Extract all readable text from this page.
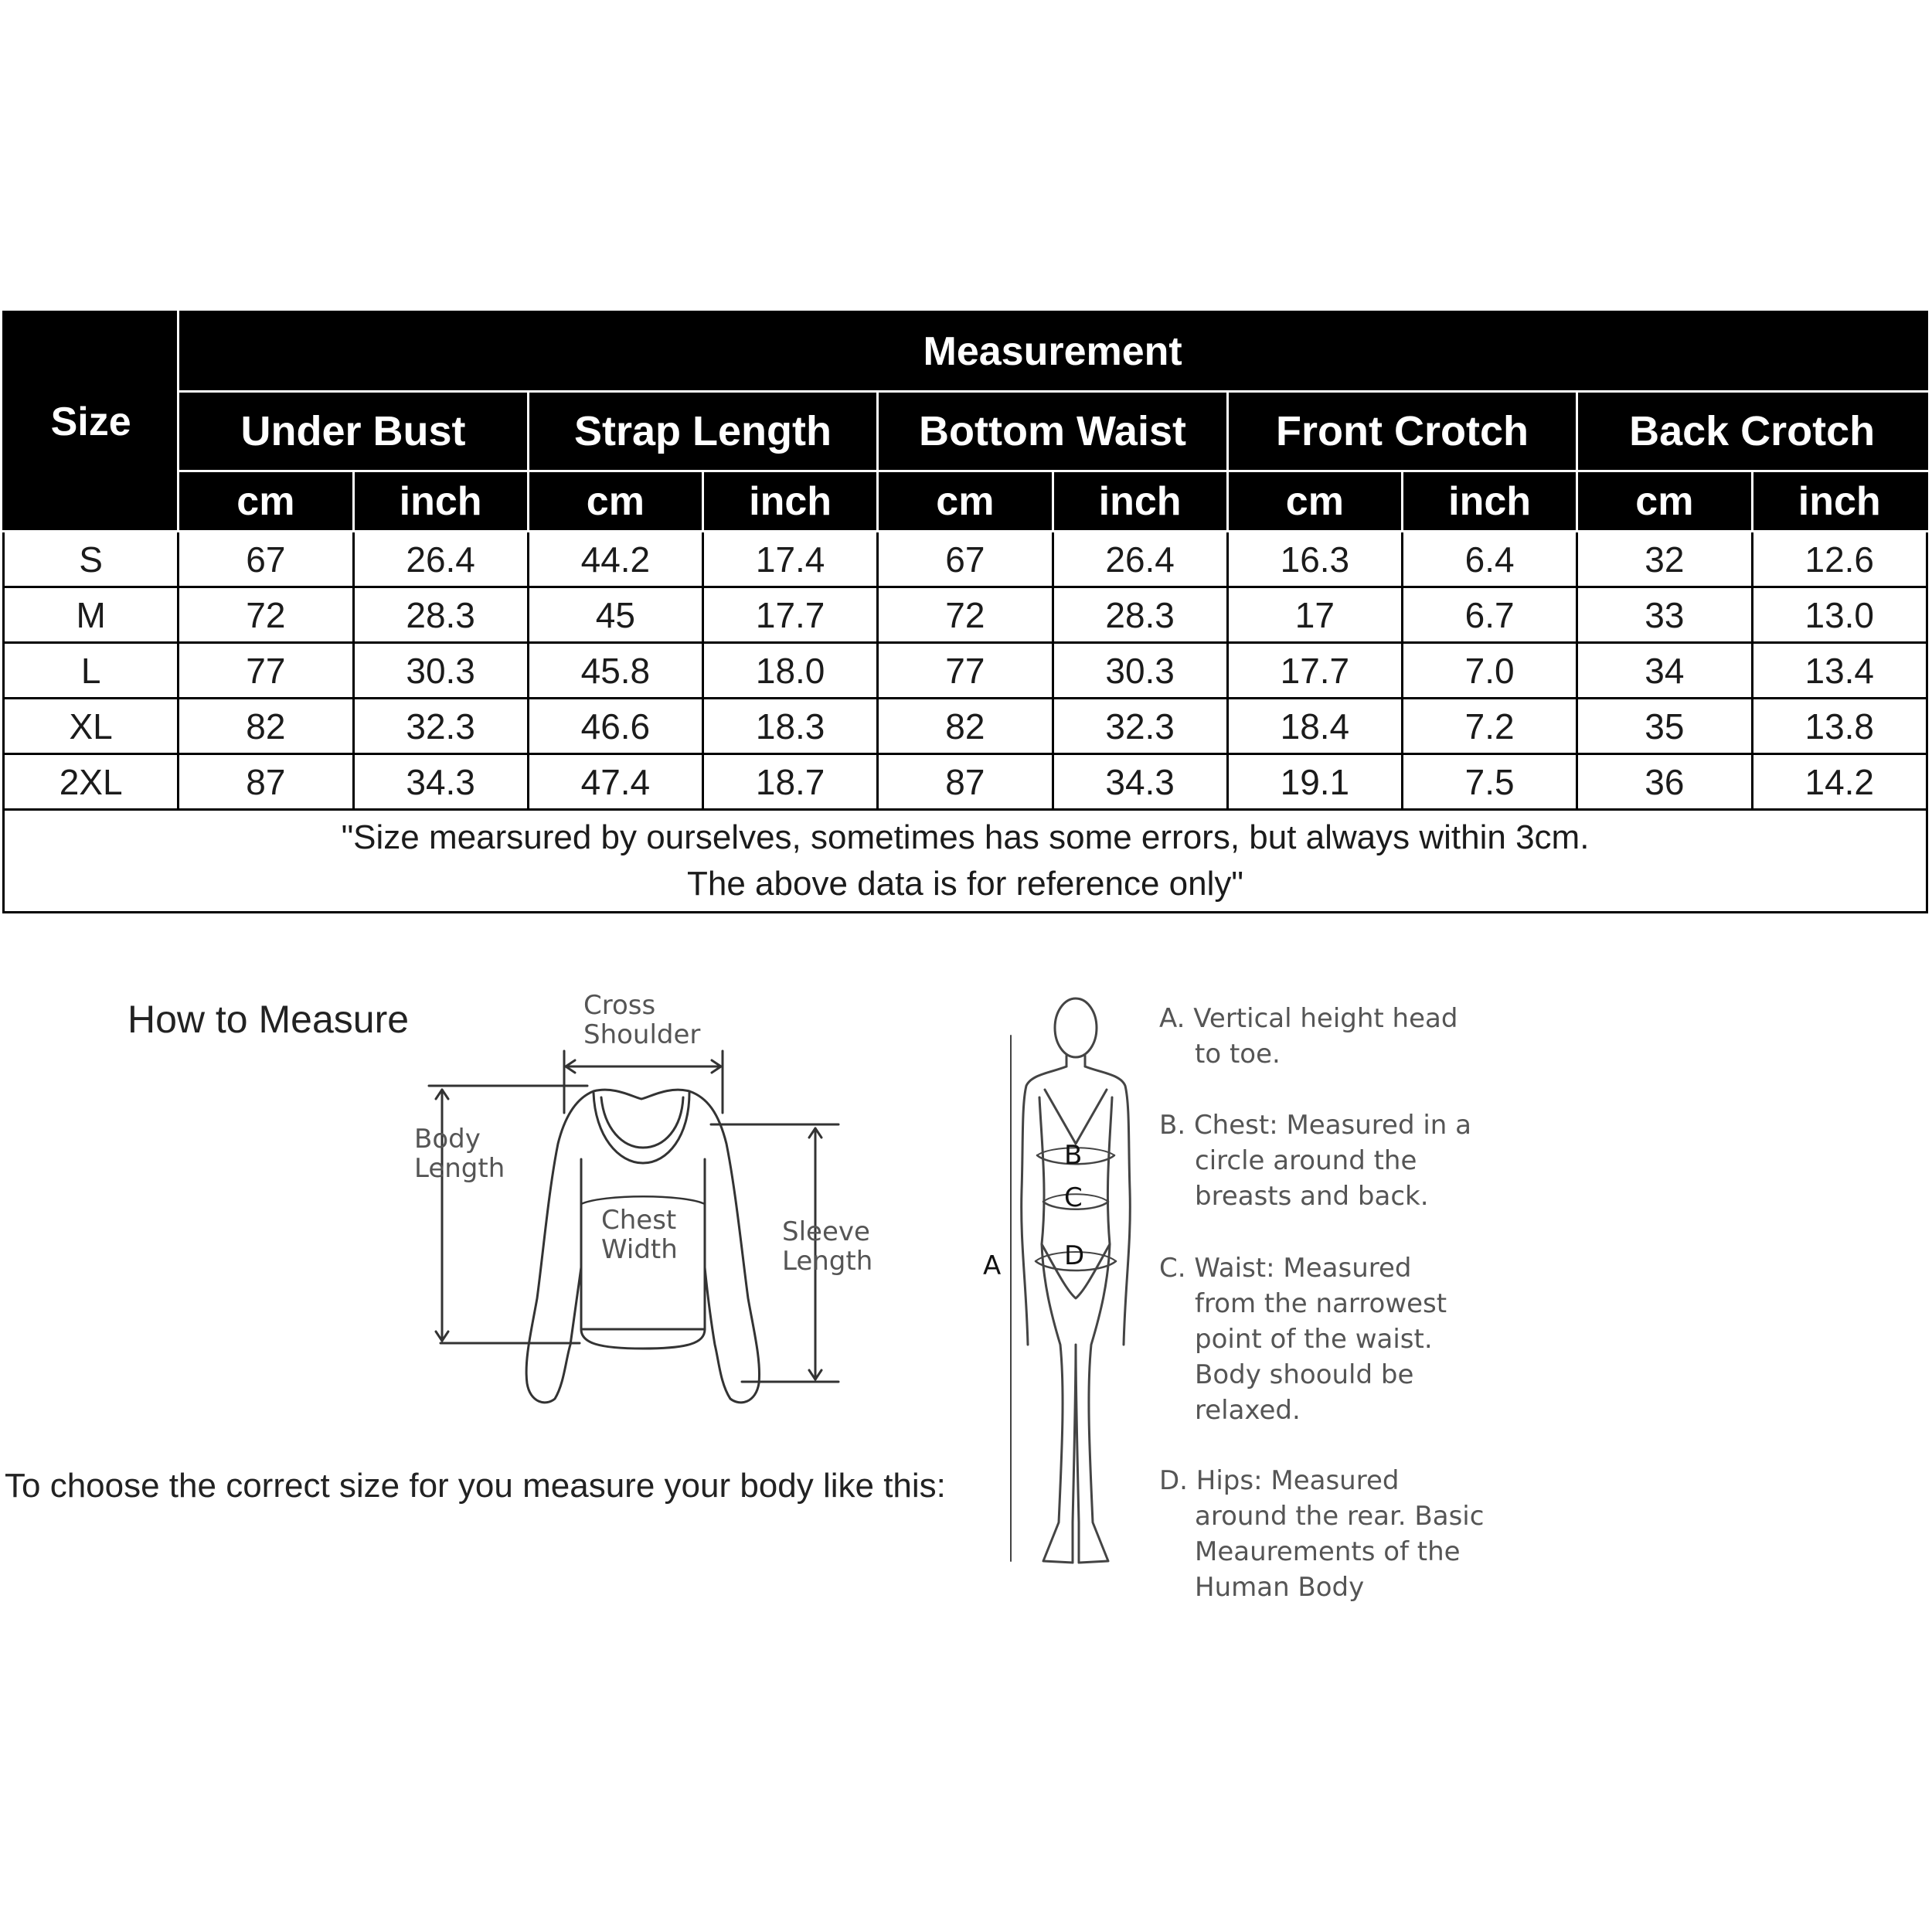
Size	Measurement									
	Under Bust		Strap Length		Bottom Waist		Front Crotch		Back Crotch	
	cm	inch	cm	inch	cm	inch	cm	inch	cm	inch
S	67	26.4	44.2	17.4	67	26.4	16.3	6.4	32	12.6
M	72	28.3	45	17.7	72	28.3	17	6.7	33	13.0
L	77	30.3	45.8	18.0	77	30.3	17.7	7.0	34	13.4
XL	82	32.3	46.6	18.3	82	32.3	18.4	7.2	35	13.8
2XL	87	34.3	47.4	18.7	87	34.3	19.1	7.5	36	14.2

"Size mearsured by ourselves, sometimes has some errors, but always within 3cm.
The above data is for reference only"										
How to Measure
To choose the correct size for you measure your body like this:
Cross Shoulder
Body Length
Chest Width
Sleeve Length	A
B
C
D
A. Vertical height head
to toe.
B. Chest: Measured in a
circle around the breasts and back.
C. Waist: Measured
from the narrowest point of the waist. Body shoould be relaxed.
D. Hips: Measured
around the rear. Basic Meaurements of the Human Body
